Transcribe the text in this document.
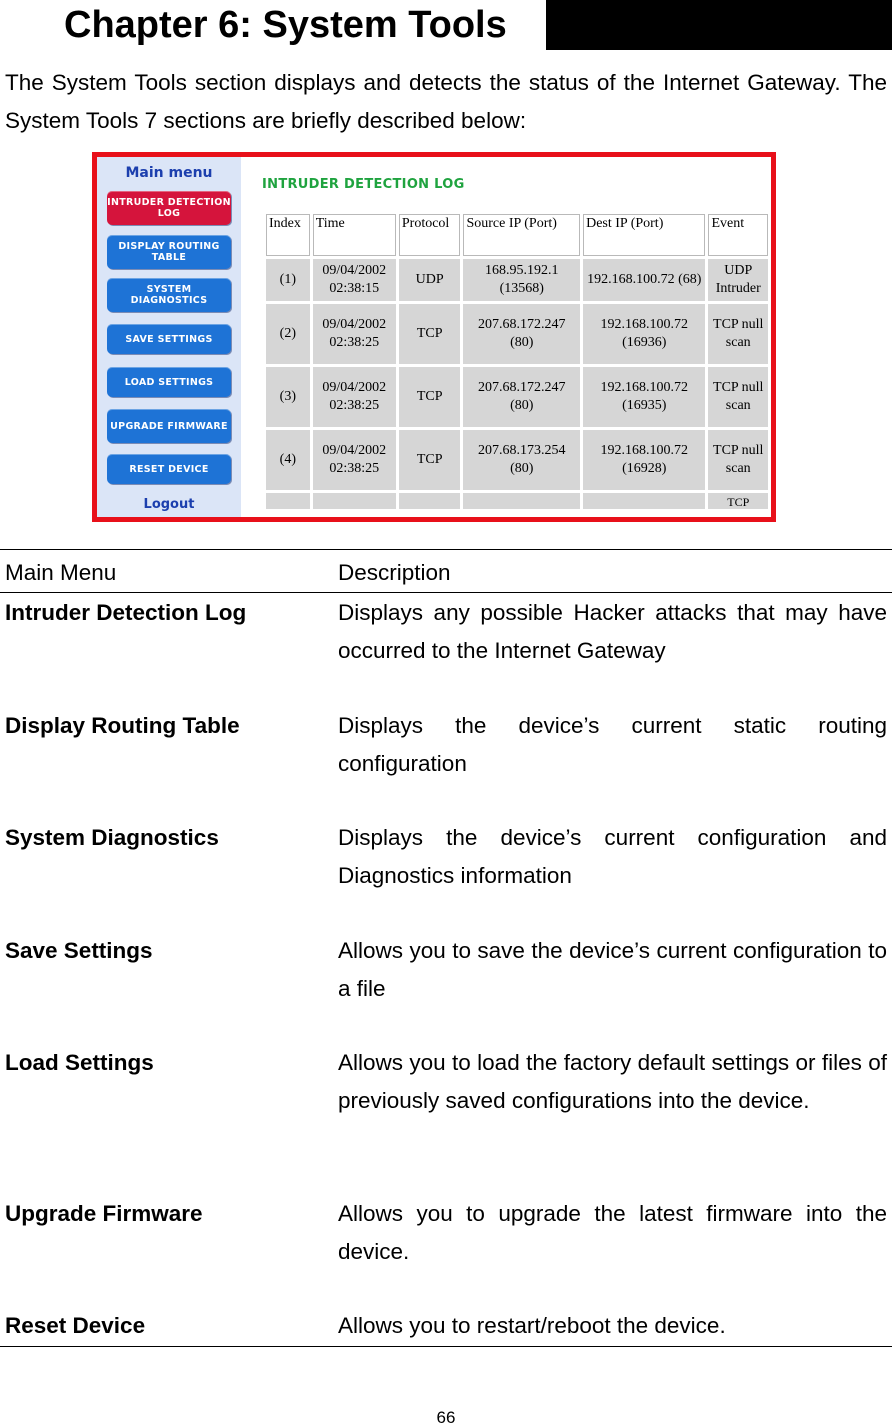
Chapter 6: System Tools
The System Tools section displays and detects the status of the Internet Gateway. The System Tools 7 sections are briefly described below:
Main menu
INTRUDER DETECTION LOG
DISPLAY ROUTING TABLE
SYSTEM DIAGNOSTICS
SAVE SETTINGS
LOAD SETTINGS
UPGRADE FIRMWARE
RESET DEVICE
Logout
INTRUDER DETECTION LOG
Index	Time	Protocol	Source IP (Port)	Dest IP (Port)	Event
(1)	09/04/2002 02:38:15	UDP	168.95.192.1 (13568)	192.168.100.72 (68)	UDP Intruder
(2)	09/04/2002 02:38:25	TCP	207.68.172.247 (80)	192.168.100.72 (16936)	TCP null scan
(3)	09/04/2002 02:38:25	TCP	207.68.172.247 (80)	192.168.100.72 (16935)	TCP null scan
(4)	09/04/2002 02:38:25	TCP	207.68.173.254 (80)	192.168.100.72 (16928)	TCP null scan
					TCP
Main Menu	Description
Intruder Detection Log	Displays any possible Hacker attacks that may have occurred to the Internet Gateway
Display Routing Table	Displays the device’s current static routing configuration
System Diagnostics	Displays the device’s current configuration and Diagnostics information
Save Settings	Allows you to save the device’s current configuration to a file
Load Settings	Allows you to load the factory default settings or files of previously saved configurations into the device.
Upgrade Firmware	Allows you to upgrade the latest firmware into the device.
Reset Device	Allows you to restart/reboot the device.
66
